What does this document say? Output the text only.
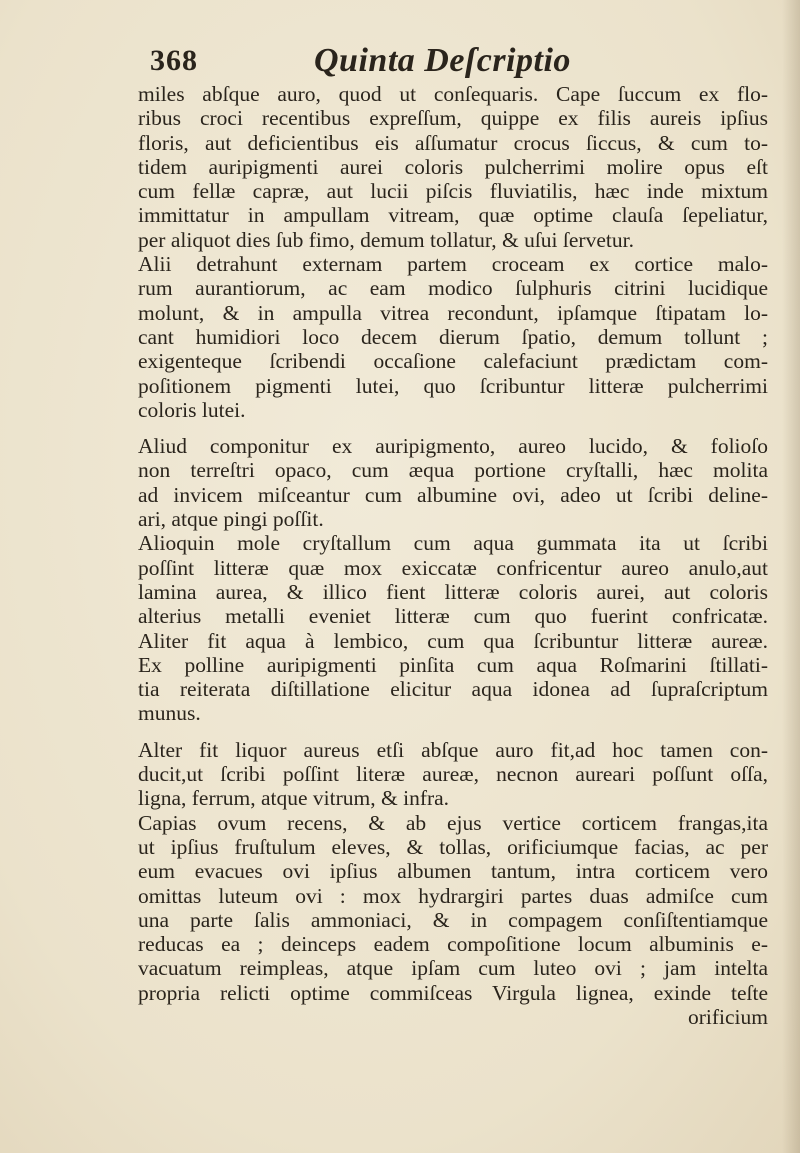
368	Quinta Deſcriptio
miles abſque auro, quod ut conſequaris. Cape ſuccum ex flo-
ribus croci recentibus expreſſum, quippe ex filis aureis ipſius
floris, aut deficientibus eis aſſumatur crocus ſiccus, & cum to-
tidem auripigmenti aurei coloris pulcherrimi molire opus eſt
cum fellæ capræ, aut lucii piſcis fluviatilis, hæc inde mixtum
immittatur in ampullam vitream, quæ optime clauſa ſepeliatur,
per aliquot dies ſub fimo, demum tollatur, & uſui ſervetur.
Alii detrahunt externam partem croceam ex cortice malo-
rum aurantiorum, ac eam modico ſulphuris citrini lucidique
molunt, & in ampulla vitrea recondunt, ipſamque ſtipatam lo-
cant humidiori loco decem dierum ſpatio, demum tollunt ;
exigenteque ſcribendi occaſione calefaciunt prædictam com-
poſitionem pigmenti lutei, quo ſcribuntur litteræ pulcherrimi
coloris lutei.
Aliud componitur ex auripigmento, aureo lucido, & folioſo
non terreſtri opaco, cum æqua portione cryſtalli, hæc molita
ad invicem miſceantur cum albumine ovi, adeo ut ſcribi deline-
ari, atque pingi poſſit.
Alioquin mole cryſtallum cum aqua gummata ita ut ſcribi
poſſint litteræ quæ mox exiccatæ confricentur aureo anulo,aut
lamina aurea, & illico fient litteræ coloris aurei, aut coloris
alterius metalli eveniet litteræ cum quo fuerint confricatæ.
Aliter fit aqua à lembico, cum qua ſcribuntur litteræ aureæ.
Ex polline auripigmenti pinſita cum aqua Roſmarini ſtillati-
tia reiterata diſtillatione elicitur aqua idonea ad ſupraſcriptum
munus.
Alter fit liquor aureus etſi abſque auro fit,ad hoc tamen con-
ducit,ut ſcribi poſſint literæ aureæ, necnon aureari poſſunt oſſa,
ligna, ferrum, atque vitrum, & infra.
Capias ovum recens, & ab ejus vertice corticem frangas,ita
ut ipſius fruſtulum eleves, & tollas, orificiumque facias, ac per
eum evacues ovi ipſius albumen tantum, intra corticem vero
omittas luteum ovi : mox hydrargiri partes duas admiſce cum
una parte ſalis ammoniaci, & in compagem conſiſtentiamque
reducas ea ; deinceps eadem compoſitione locum albuminis e-
vacuatum reimpleas, atque ipſam cum luteo ovi ; jam intelta
propria relicti optime commiſceas Virgula lignea, exinde teſte
orificium
